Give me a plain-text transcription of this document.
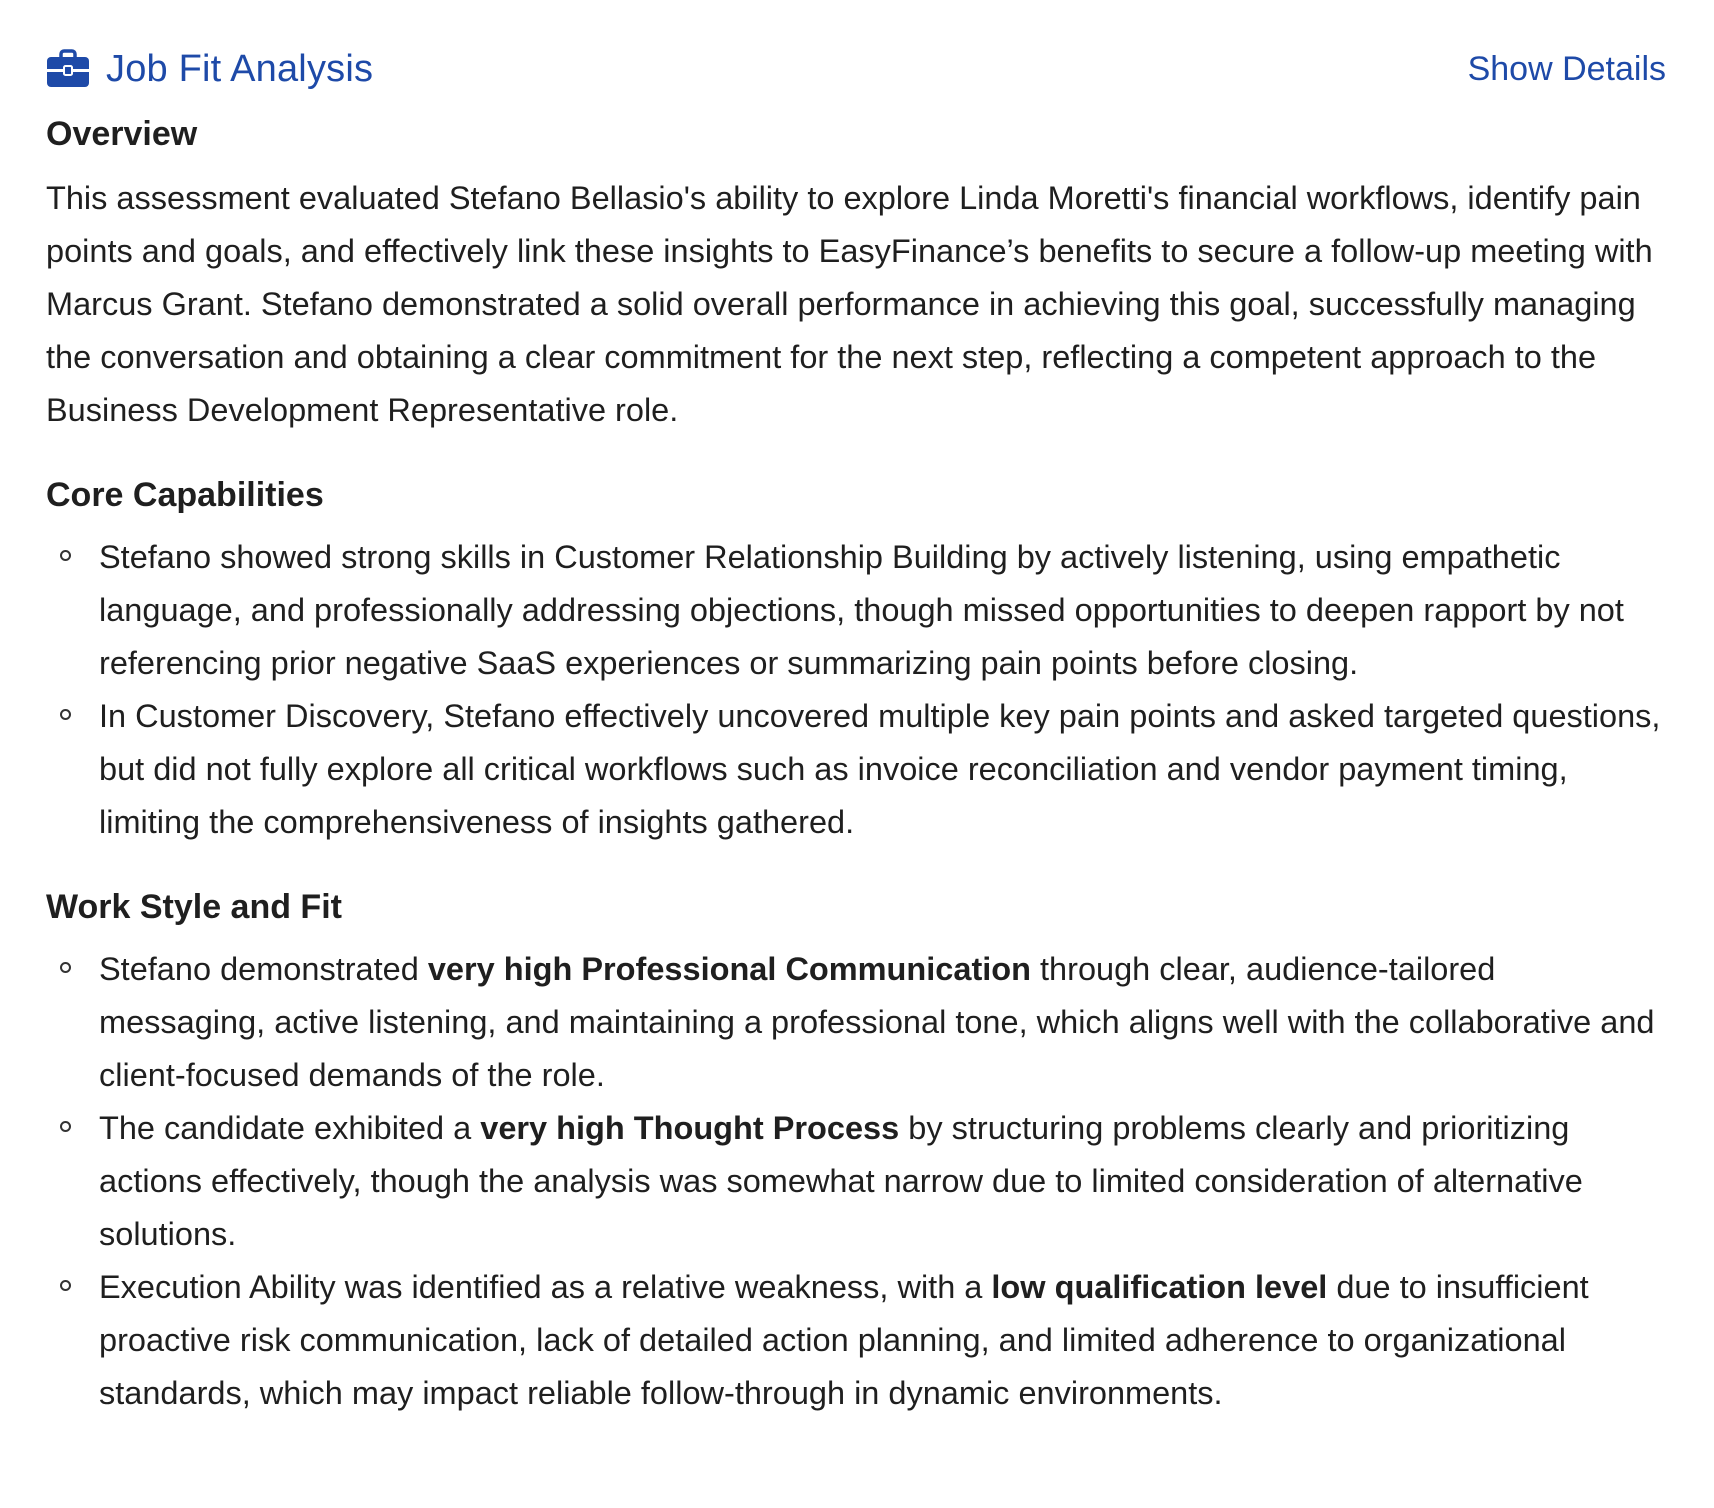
Job Fit Analysis	Show Details
Overview

This assessment evaluated Stefano Bellasio's ability to explore Linda Moretti's financial workflows, identify pain points and goals, and effectively link these insights to EasyFinance’s benefits to secure a follow-up meeting with Marcus Grant. Stefano demonstrated a solid overall performance in achieving this goal, successfully managing the conversation and obtaining a clear commitment for the next step, reflecting a competent approach to the Business Development Representative role.

Core Capabilities
Stefano showed strong skills in Customer Relationship Building by actively listening, using empathetic language, and professionally addressing objections, though missed opportunities to deepen rapport by not referencing prior negative SaaS experiences or summarizing pain points before closing.
In Customer Discovery, Stefano effectively uncovered multiple key pain points and asked targeted questions, but did not fully explore all critical workflows such as invoice reconciliation and vendor payment timing, limiting the comprehensiveness of insights gathered.
Work Style and Fit
Stefano demonstrated very high Professional Communication through clear, audience-tailored messaging, active listening, and maintaining a professional tone, which aligns well with the collaborative and client-focused demands of the role.
The candidate exhibited a very high Thought Process by structuring problems clearly and prioritizing actions effectively, though the analysis was somewhat narrow due to limited consideration of alternative solutions.
Execution Ability was identified as a relative weakness, with a low qualification level due to insufficient proactive risk communication, lack of detailed action planning, and limited adherence to organizational standards, which may impact reliable follow-through in dynamic environments.
